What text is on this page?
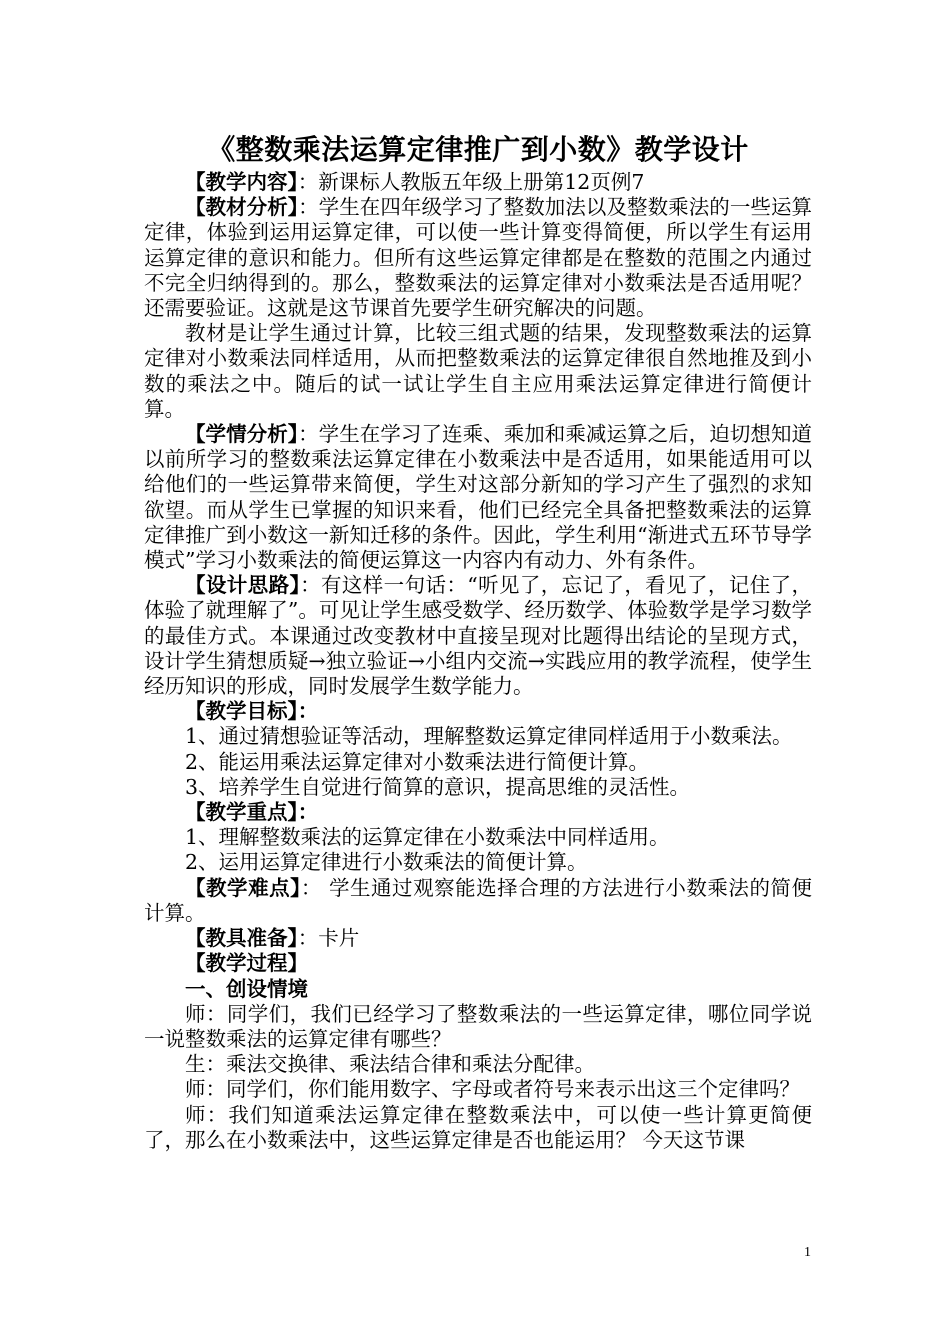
《整数乘法运算定律推广到小数》教学设计

【教学内容】：新课标人教版五年级上册第12页例7

【教材分析】：学生在四年级学习了整数加法以及整数乘法的一些运算定律，体验到运用运算定律，可以使一些计算变得简便，所以学生有运用运算定律的意识和能力。但所有这些运算定律都是在整数的范围之内通过不完全归纳得到的。那么，整数乘法的运算定律对小数乘法是否适用呢？还需要验证。这就是这节课首先要学生研究解决的问题。

教材是让学生通过计算，比较三组式题的结果，发现整数乘法的运算定律对小数乘法同样适用，从而把整数乘法的运算定律很自然地推及到小数的乘法之中。随后的试一试让学生自主应用乘法运算定律进行简便计算。

【学情分析】：学生在学习了连乘、乘加和乘减运算之后，迫切想知道以前所学习的整数乘法运算定律在小数乘法中是否适用，如果能适用可以给他们的一些运算带来简便，学生对这部分新知的学习产生了强烈的求知欲望。而从学生已掌握的知识来看，他们已经完全具备把整数乘法的运算定律推广到小数这一新知迁移的条件。因此，学生利用“渐进式五环节导学模式”学习小数乘法的简便运算这一内容内有动力、外有条件。

【设计思路】：有这样一句话：“听见了，忘记了，看见了，记住了，体验了就理解了”。可见让学生感受数学、经历数学、体验数学是学习数学的最佳方式。本课通过改变教材中直接呈现对比题得出结论的呈现方式，设计学生猜想质疑→独立验证→小组内交流→实践应用的教学流程，使学生经历知识的形成，同时发展学生数学能力。

【教学目标】：

1、通过猜想验证等活动，理解整数运算定律同样适用于小数乘法。

2、能运用乘法运算定律对小数乘法进行简便计算。

3、培养学生自觉进行简算的意识，提高思维的灵活性。

【教学重点】：

1、理解整数乘法的运算定律在小数乘法中同样适用。

2、运用运算定律进行小数乘法的简便计算。

【教学难点】： 学生通过观察能选择合理的方法进行小数乘法的简便计算。

【教具准备】：卡片

【教学过程】

一、创设情境

师：同学们，我们已经学习了整数乘法的一些运算定律，哪位同学说一说整数乘法的运算定律有哪些？

生：乘法交换律、乘法结合律和乘法分配律。

师：同学们，你们能用数字、字母或者符号来表示出这三个定律吗？

师：我们知道乘法运算定律在整数乘法中，可以使一些计算更简便了，那么在小数乘法中，这些运算定律是否也能运用？ 今天这节课

1
